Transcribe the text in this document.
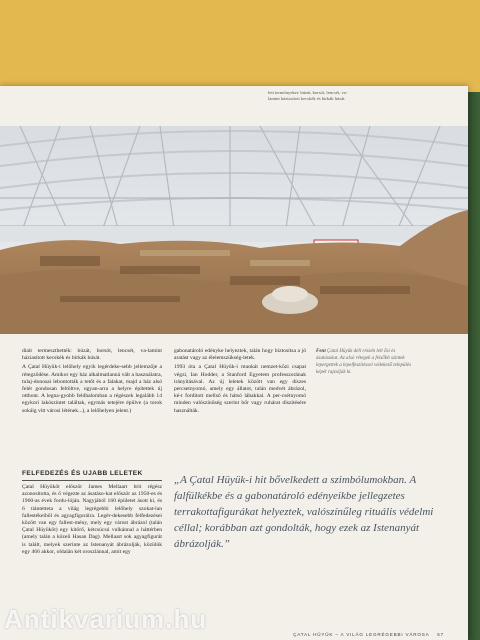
lett termőnyeket: búzát, borsót, lencsét, va-

lamint háziasított kecskék és birkák húsát.

diait termeszthették: búzát, borsót, lencsét, va-lamint háziasított kecskék és birkák húsát.

A Çatal Hüyük-i lelőhely egyik legérdeke-sebb jellemzője a rétegződése. Amikor egy ház alkalmatlanná vált a használatra, tulaj-donosai lebontották a tetőt és a falakat, majd a ház alsó felét gondosan feltöltve, ugyan-arra a helyre építettek új otthont. A legna-gyobb feldhalomban a régészek legalább 14 egykori lakószintet találtak, egymás tetejére épülve (a torok sokáig vitt városi létének...), a lelőhelyen jelent.)

gabonatároló edényke helyeztek, talán hogy biztosítsa a jó aratást vagy az élelemszükség-letek.

1993 óta a Çatal Hüyük-i munkát nemzet-közi csapat végzi, Ian Hodder, a Stanford Egyetem professzorának irányításával. Az új leletek között van egy díszes percsetnyomó, amely egy állatot, talán medvét ábrázol, ké-t fordított mellső és hátsó lábakkal. A per-csétnyomó minden valószínűség szerint bőr vagy ruhárat díszítésére használták.

Fent Çatal Hüyük déli részén lelt ősi és ásatásokat. Az alsó rétegek a felsőbb szintek lepergettek a lepelfeszítéssel védekező település képét rajzolják ki.
FELFEDEZÉS ÉS UJABB LELETEK

Çatal Hüyüköt először James Mellaart brit régész azonosította, és ő végezte az ásatáso-kat először az 1950-es és 1960-as évek fordu-lóján. Nagyjából 160 épületet ásott ki, és 6 tiántetteta a világ legrégebbi lelőhely szokat-lan fallestékeiből és agyagfiguráira. Legér-dekesebb felfedezései között van egy fallest-mény, mely egy várost ábrázol (talán Çatal Hüyüköt) egy kitörő, kétcsúcsú vulkánnal a háttérben (amely talán a közeli Hasan Dag). Mellaart sok agyagfigurát is talált, melyek szerinte az Istenanyát ábrázolják, közülük egy 466 akkor, oldalán két oroszlánnal, amit egy

„A Çatal Hüyük-i hit bővelkedett a szimbólumokban. A falfülkékbe és a gabonatároló edényeikbe jellegzetes terrakottafigurákat helyeztek, valószínűleg rituális védelmi céllal; korábban azt gondolták, hogy ezek az Istenanyát ábrázolják.”
ÇATAL HÜYÜK – A VILÁG LEGRÉGEBBI VÁROSA 57
Antikvarium.hu
